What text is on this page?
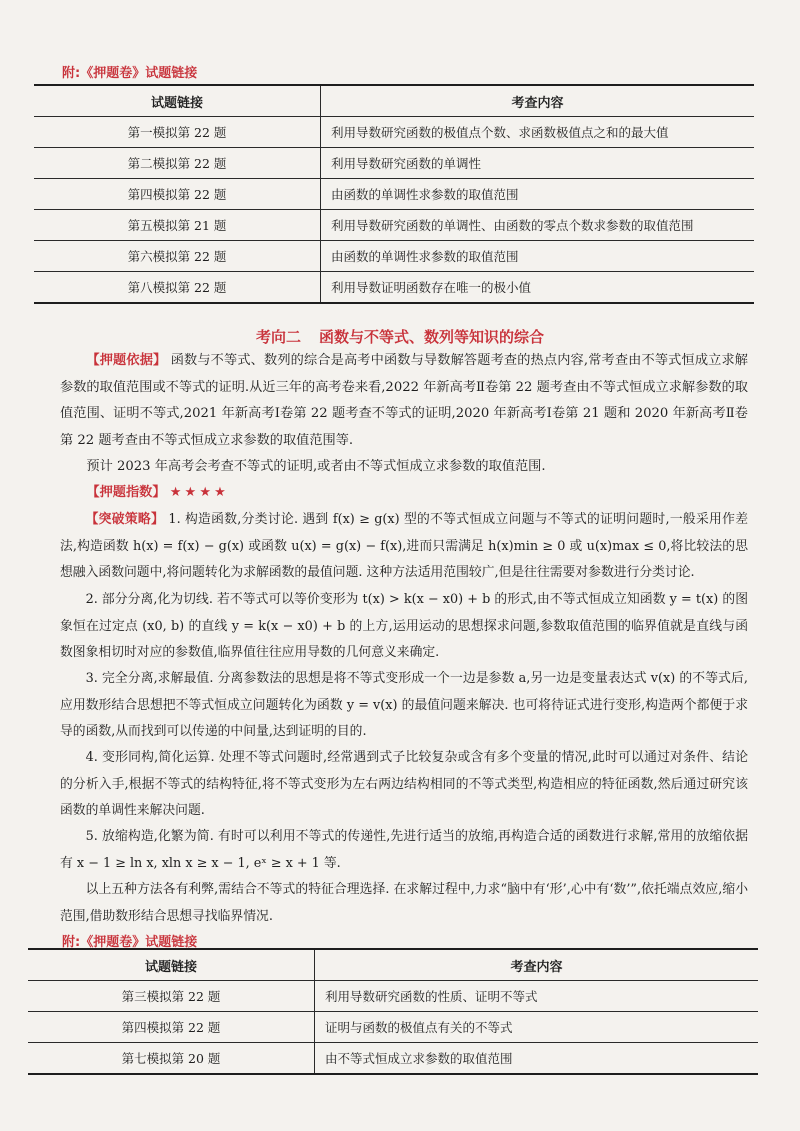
附:《押题卷》试题链接
试题链接	考查内容
第一模拟第 22 题	利用导数研究函数的极值点个数、求函数极值点之和的最大值
第二模拟第 22 题	利用导数研究函数的单调性
第四模拟第 22 题	由函数的单调性求参数的取值范围
第五模拟第 21 题	利用导数研究函数的单调性、由函数的零点个数求参数的取值范围
第六模拟第 22 题	由函数的单调性求参数的取值范围
第八模拟第 22 题	利用导数证明函数存在唯一的极小值
考向二 函数与不等式、数列等知识的综合
【押题依据】 函数与不等式、数列的综合是高考中函数与导数解答题考查的热点内容,常考查由不等式恒成立求解参数的取值范围或不等式的证明.从近三年的高考卷来看,2022 年新高考Ⅱ卷第 22 题考查由不等式恒成立求解参数的取值范围、证明不等式,2021 年新高考Ⅰ卷第 22 题考查不等式的证明,2020 年新高考Ⅰ卷第 21 题和 2020 年新高考Ⅱ卷第 22 题考查由不等式恒成立求参数的取值范围等.
预计 2023 年高考会考查不等式的证明,或者由不等式恒成立求参数的取值范围.
【押题指数】 ★★★★
【突破策略】 1. 构造函数,分类讨论. 遇到 f(x) ≥ g(x) 型的不等式恒成立问题与不等式的证明问题时,一般采用作差法,构造函数 h(x) = f(x) − g(x) 或函数 u(x) = g(x) − f(x),进而只需满足 h(x)min ≥ 0 或 u(x)max ≤ 0,将比较法的思想融入函数问题中,将问题转化为求解函数的最值问题. 这种方法适用范围较广,但是往往需要对参数进行分类讨论.
2. 部分分离,化为切线. 若不等式可以等价变形为 t(x) > k(x − x0) + b 的形式,由不等式恒成立知函数 y = t(x) 的图象恒在过定点 (x0, b) 的直线 y = k(x − x0) + b 的上方,运用运动的思想探求问题,参数取值范围的临界值就是直线与函数图象相切时对应的参数值,临界值往往应用导数的几何意义来确定.
3. 完全分离,求解最值. 分离参数法的思想是将不等式变形成一个一边是参数 a,另一边是变量表达式 v(x) 的不等式后,应用数形结合思想把不等式恒成立问题转化为函数 y = v(x) 的最值问题来解决. 也可将待证式进行变形,构造两个都便于求导的函数,从而找到可以传递的中间量,达到证明的目的.
4. 变形同构,简化运算. 处理不等式问题时,经常遇到式子比较复杂或含有多个变量的情况,此时可以通过对条件、结论的分析入手,根据不等式的结构特征,将不等式变形为左右两边结构相同的不等式类型,构造相应的特征函数,然后通过研究该函数的单调性来解决问题.
5. 放缩构造,化繁为简. 有时可以利用不等式的传递性,先进行适当的放缩,再构造合适的函数进行求解,常用的放缩依据有 x − 1 ≥ ln x, xln x ≥ x − 1, eˣ ≥ x + 1 等.
以上五种方法各有利弊,需结合不等式的特征合理选择. 在求解过程中,力求“脑中有‘形’,心中有‘数’”,依托端点效应,缩小范围,借助数形结合思想寻找临界情况.
附:《押题卷》试题链接
试题链接	考查内容
第三模拟第 22 题	利用导数研究函数的性质、证明不等式
第四模拟第 22 题	证明与函数的极值点有关的不等式
第七模拟第 20 题	由不等式恒成立求参数的取值范围
